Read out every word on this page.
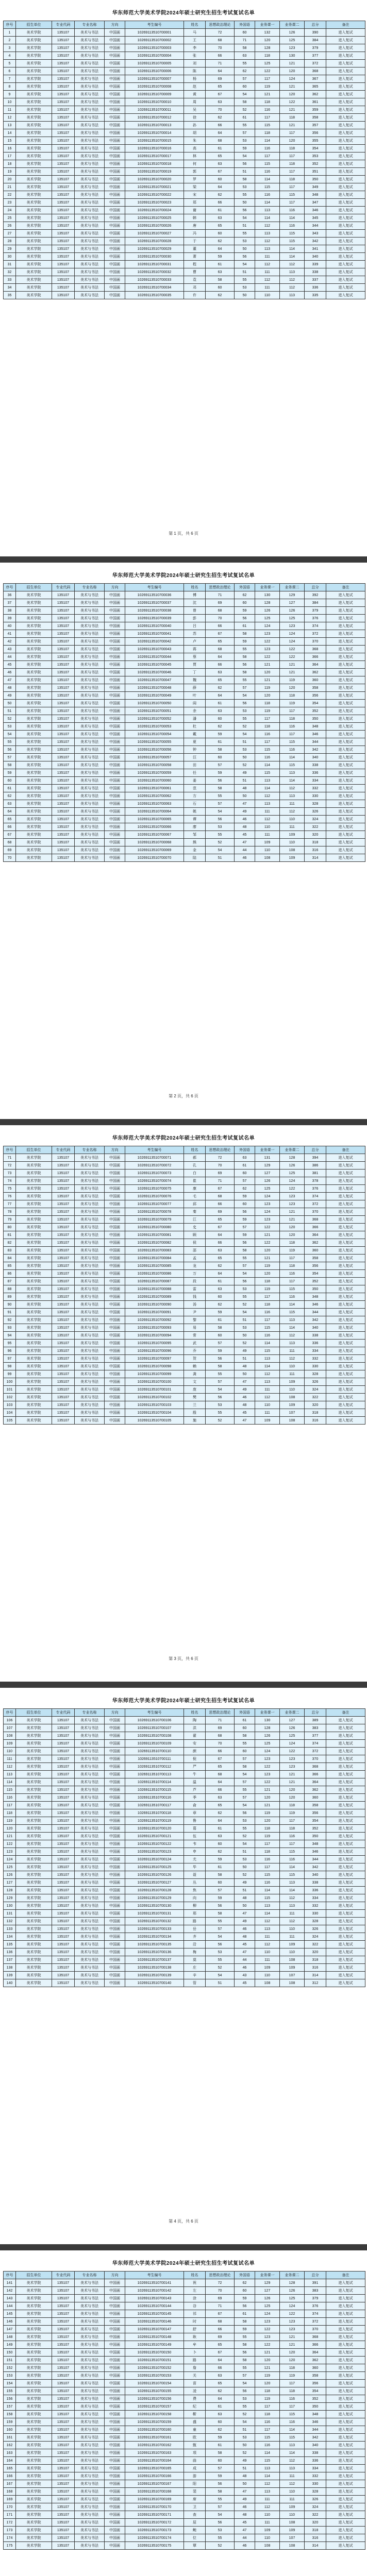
华东师范大学美术学院2024年硕士研究生招生考试复试名单
序号	招生单位	专业代码	专业名称	方向	考生编号	姓名	思想政治理论	外国语	业务课一	业务课二	总分	备注
1	美术学院	135107	美术与书法	中国画	10269113510700001	马	72	60	132	126	390	进入复试
2	美术学院	135107	美术与书法	中国画	10269113510700002	王	68	71	120	125	384	进入复试
3	美术学院	135107	美术与书法	中国画	10269113510700003	李	70	58	128	123	379	进入复试
4	美术学院	135107	美术与书法	中国画	10269113510700004	张	66	63	118	130	377	进入复试
5	美术学院	135107	美术与书法	中国画	10269113510700005	刘	71	55	125	121	372	进入复试
6	美术学院	135107	美术与书法	中国画	10269113510700006	陈	64	62	122	120	368	进入复试
7	美术学院	135107	美术与书法	中国画	10269113510700007	杨	69	57	117	124	367	进入复试
8	美术学院	135107	美术与书法	中国画	10269113510700008	赵	65	60	119	121	365	进入复试
9	美术学院	135107	美术与书法	中国画	10269113510700009	黄	67	54	121	120	362	进入复试
10	美术学院	135107	美术与书法	中国画	10269113510700010	周	63	58	118	122	361	进入复试
11	美术学院	135107	美术与书法	中国画	10269113510700011	吴	70	52	116	121	359	进入复试
12	美术学院	135107	美术与书法	中国画	10269113510700012	徐	62	61	117	118	358	进入复试
13	美术学院	135107	美术与书法	中国画	10269113510700013	孙	66	55	115	121	357	进入复试
14	美术学院	135107	美术与书法	中国画	10269113510700014	胡	64	57	118	117	356	进入复试
15	美术学院	135107	美术与书法	中国画	10269113510700015	朱	68	53	114	120	355	进入复试
16	美术学院	135107	美术与书法	中国画	10269113510700016	高	61	59	116	118	354	进入复试
17	美术学院	135107	美术与书法	中国画	10269113510700017	林	65	54	117	117	353	进入复试
18	美术学院	135107	美术与书法	中国画	10269113510700018	何	63	56	115	118	352	进入复试
19	美术学院	135107	美术与书法	中国画	10269113510700019	郭	67	51	116	117	351	进入复试
20	美术学院	135107	美术与书法	中国画	10269113510700020	罗	60	58	114	118	350	进入复试
21	美术学院	135107	美术与书法	中国画	10269113510700021	梁	64	53	115	117	349	进入复试
22	美术学院	135107	美术与书法	中国画	10269113510700022	宋	62	55	116	115	348	进入复试
23	美术学院	135107	美术与书法	中国画	10269113510700023	郑	66	50	114	117	347	进入复试
24	美术学院	135107	美术与书法	中国画	10269113510700024	谢	61	56	113	116	346	进入复试
25	美术学院	135107	美术与书法	中国画	10269113510700025	韩	63	54	114	114	345	进入复试
26	美术学院	135107	美术与书法	中国画	10269113510700026	唐	65	51	112	116	344	进入复试
27	美术学院	135107	美术与书法	中国画	10269113510700027	冯	60	55	113	115	343	进入复试
28	美术学院	135107	美术与书法	中国画	10269113510700028	于	62	53	112	115	342	进入复试
29	美术学院	135107	美术与书法	中国画	10269113510700029	董	64	50	113	114	341	进入复试
30	美术学院	135107	美术与书法	中国画	10269113510700030	萧	59	56	111	114	340	进入复试
31	美术学院	135107	美术与书法	中国画	10269113510700031	程	61	54	112	112	339	进入复试
32	美术学院	135107	美术与书法	中国画	10269113510700032	曹	63	51	111	113	338	进入复试
33	美术学院	135107	美术与书法	中国画	10269113510700033	袁	58	55	112	112	337	进入复试
34	美术学院	135107	美术与书法	中国画	10269113510700034	邓	60	53	111	112	336	进入复试
35	美术学院	135107	美术与书法	中国画	10269113510700035	许	62	50	110	113	335	进入复试
第 1 页，共 6 页
华东师范大学美术学院2024年硕士研究生招生考试复试名单
序号	招生单位	专业代码	专业名称	方向	考生编号	姓名	思想政治理论	外国语	业务课一	业务课二	总分	备注
36	美术学院	135107	美术与书法	中国画	10269113510700036	傅	71	62	130	129	392	进入复试
37	美术学院	135107	美术与书法	中国画	10269113510700037	沈	69	60	128	127	384	进入复试
38	美术学院	135107	美术与书法	中国画	10269113510700038	曾	68	59	126	126	379	进入复试
39	美术学院	135107	美术与书法	中国画	10269113510700039	彭	70	56	125	125	376	进入复试
40	美术学院	135107	美术与书法	中国画	10269113510700040	吕	66	61	124	123	374	进入复试
41	美术学院	135107	美术与书法	中国画	10269113510700041	苏	67	58	123	124	372	进入复试
42	美术学院	135107	美术与书法	中国画	10269113510700042	卢	65	59	122	124	370	进入复试
43	美术学院	135107	美术与书法	中国画	10269113510700043	蒋	68	55	123	122	368	进入复试
44	美术学院	135107	美术与书法	中国画	10269113510700044	蔡	64	58	122	122	366	进入复试
45	美术学院	135107	美术与书法	中国画	10269113510700045	贾	66	56	121	121	364	进入复试
46	美术学院	135107	美术与书法	中国画	10269113510700046	丁	63	58	120	121	362	进入复试
47	美术学院	135107	美术与书法	中国画	10269113510700047	魏	65	55	121	119	360	进入复试
48	美术学院	135107	美术与书法	中国画	10269113510700048	薛	62	57	119	120	358	进入复试
49	美术学院	135107	美术与书法	中国画	10269113510700049	叶	64	54	120	118	356	进入复试
50	美术学院	135107	美术与书法	中国画	10269113510700050	阎	61	56	118	119	354	进入复试
51	美术学院	135107	美术与书法	中国画	10269113510700051	余	63	53	119	117	352	进入复试
52	美术学院	135107	美术与书法	中国画	10269113510700052	潘	60	55	117	118	350	进入复试
53	美术学院	135107	美术与书法	中国画	10269113510700053	杜	62	52	118	116	348	进入复试
54	美术学院	135107	美术与书法	中国画	10269113510700054	戴	59	54	116	117	346	进入复试
55	美术学院	135107	美术与书法	中国画	10269113510700055	夏	61	51	117	115	344	进入复试
56	美术学院	135107	美术与书法	中国画	10269113510700056	钟	58	53	115	116	342	进入复试
57	美术学院	135107	美术与书法	中国画	10269113510700057	汪	60	50	116	114	340	进入复试
58	美术学院	135107	美术与书法	中国画	10269113510700058	田	57	52	114	115	338	进入复试
59	美术学院	135107	美术与书法	中国画	10269113510700059	任	59	49	115	113	336	进入复试
60	美术学院	135107	美术与书法	中国画	10269113510700060	姜	56	51	113	114	334	进入复试
61	美术学院	135107	美术与书法	中国画	10269113510700061	范	58	48	114	112	332	进入复试
62	美术学院	135107	美术与书法	中国画	10269113510700062	方	55	50	112	113	330	进入复试
63	美术学院	135107	美术与书法	中国画	10269113510700063	石	57	47	113	111	328	进入复试
64	美术学院	135107	美术与书法	中国画	10269113510700064	姚	54	49	111	112	326	进入复试
65	美术学院	135107	美术与书法	中国画	10269113510700065	谭	56	46	112	110	324	进入复试
66	美术学院	135107	美术与书法	中国画	10269113510700066	廖	53	48	110	111	322	进入复试
67	美术学院	135107	美术与书法	中国画	10269113510700067	邹	55	45	111	109	320	进入复试
68	美术学院	135107	美术与书法	中国画	10269113510700068	熊	52	47	109	110	318	进入复试
69	美术学院	135107	美术与书法	中国画	10269113510700069	金	54	44	110	108	316	进入复试
70	美术学院	135107	美术与书法	中国画	10269113510700070	陆	51	46	108	109	314	进入复试
第 2 页，共 6 页
华东师范大学美术学院2024年硕士研究生招生考试复试名单
序号	招生单位	专业代码	专业名称	方向	考生编号	姓名	思想政治理论	外国语	业务课一	业务课二	总分	备注
71	美术学院	135107	美术与书法	中国画	10269113510700071	郝	72	63	131	128	394	进入复试
72	美术学院	135107	美术与书法	中国画	10269113510700072	孔	70	61	129	126	386	进入复试
73	美术学院	135107	美术与书法	中国画	10269113510700073	白	69	60	127	125	381	进入复试
74	美术学院	135107	美术与书法	中国画	10269113510700074	崔	71	57	126	124	378	进入复试
75	美术学院	135107	美术与书法	中国画	10269113510700075	康	67	62	125	122	376	进入复试
76	美术学院	135107	美术与书法	中国画	10269113510700076	毛	68	59	124	123	374	进入复试
77	美术学院	135107	美术与书法	中国画	10269113510700077	邱	66	60	123	123	372	进入复试
78	美术学院	135107	美术与书法	中国画	10269113510700078	秦	69	56	124	121	370	进入复试
79	美术学院	135107	美术与书法	中国画	10269113510700079	江	65	59	123	121	368	进入复试
80	美术学院	135107	美术与书法	中国画	10269113510700080	史	67	57	122	120	366	进入复试
81	美术学院	135107	美术与书法	中国画	10269113510700081	顾	64	59	121	120	364	进入复试
82	美术学院	135107	美术与书法	中国画	10269113510700082	侯	66	56	122	118	362	进入复试
83	美术学院	135107	美术与书法	中国画	10269113510700083	邵	63	58	120	119	360	进入复试
84	美术学院	135107	美术与书法	中国画	10269113510700084	孟	65	55	121	117	358	进入复试
85	美术学院	135107	美术与书法	中国画	10269113510700085	龙	62	57	119	118	356	进入复试
86	美术学院	135107	美术与书法	中国画	10269113510700086	万	64	54	120	116	354	进入复试
87	美术学院	135107	美术与书法	中国画	10269113510700087	段	61	56	118	117	352	进入复试
88	美术学院	135107	美术与书法	中国画	10269113510700088	雷	63	53	119	115	350	进入复试
89	美术学院	135107	美术与书法	中国画	10269113510700089	钱	60	55	117	116	348	进入复试
90	美术学院	135107	美术与书法	中国画	10269113510700090	汤	62	52	118	114	346	进入复试
91	美术学院	135107	美术与书法	中国画	10269113510700091	尹	59	54	116	115	344	进入复试
92	美术学院	135107	美术与书法	中国画	10269113510700092	黎	61	51	117	113	342	进入复试
93	美术学院	135107	美术与书法	中国画	10269113510700093	易	58	53	115	114	340	进入复试
94	美术学院	135107	美术与书法	中国画	10269113510700094	常	60	50	116	112	338	进入复试
95	美术学院	135107	美术与书法	中国画	10269113510700095	武	57	52	114	113	336	进入复试
96	美术学院	135107	美术与书法	中国画	10269113510700096	乔	59	49	115	111	334	进入复试
97	美术学院	135107	美术与书法	中国画	10269113510700097	贺	56	51	113	112	332	进入复试
98	美术学院	135107	美术与书法	中国画	10269113510700098	赖	58	48	114	110	330	进入复试
99	美术学院	135107	美术与书法	中国画	10269113510700099	龚	55	50	112	111	328	进入复试
100	美术学院	135107	美术与书法	中国画	10269113510700100	文	57	47	113	109	326	进入复试
101	美术学院	135107	美术与书法	中国画	10269113510700101	庞	54	49	111	110	324	进入复试
102	美术学院	135107	美术与书法	中国画	10269113510700102	樊	56	46	112	108	322	进入复试
103	美术学院	135107	美术与书法	中国画	10269113510700103	兰	53	48	110	109	320	进入复试
104	美术学院	135107	美术与书法	中国画	10269113510700104	殷	55	45	111	107	318	进入复试
105	美术学院	135107	美术与书法	中国画	10269113510700105	施	52	47	109	108	316	进入复试
第 3 页，共 6 页
华东师范大学美术学院2024年硕士研究生招生考试复试名单
序号	招生单位	专业代码	专业名称	方向	考生编号	姓名	思想政治理论	外国语	业务课一	业务课二	总分	备注
106	美术学院	135107	美术与书法	中国画	10269113510700106	陶	71	61	130	127	389	进入复试
107	美术学院	135107	美术与书法	中国画	10269113510700107	洪	69	60	128	126	383	进入复试
108	美术学院	135107	美术与书法	中国画	10269113510700108	翟	68	58	126	125	377	进入复试
109	美术学院	135107	美术与书法	中国画	10269113510700109	安	70	55	125	124	374	进入复试
110	美术学院	135107	美术与书法	中国画	10269113510700110	颜	66	60	124	122	372	进入复试
111	美术学院	135107	美术与书法	中国画	10269113510700111	倪	67	57	123	123	370	进入复试
112	美术学院	135107	美术与书法	中国画	10269113510700112	严	65	58	122	123	368	进入复试
113	美术学院	135107	美术与书法	中国画	10269113510700113	牛	68	54	123	121	366	进入复试
114	美术学院	135107	美术与书法	中国画	10269113510700114	温	64	57	122	121	364	进入复试
115	美术学院	135107	美术与书法	中国画	10269113510700115	芦	66	55	121	120	362	进入复试
116	美术学院	135107	美术与书法	中国画	10269113510700116	季	63	57	120	120	360	进入复试
117	美术学院	135107	美术与书法	中国画	10269113510700117	俞	65	54	121	118	358	进入复试
118	美术学院	135107	美术与书法	中国画	10269113510700118	章	62	56	119	119	356	进入复试
119	美术学院	135107	美术与书法	中国画	10269113510700119	鲁	64	53	120	117	354	进入复试
120	美术学院	135107	美术与书法	中国画	10269113510700120	葛	61	55	118	118	352	进入复试
121	美术学院	135107	美术与书法	中国画	10269113510700121	伍	63	52	119	116	350	进入复试
122	美术学院	135107	美术与书法	中国画	10269113510700122	韦	60	54	117	117	348	进入复试
123	美术学院	135107	美术与书法	中国画	10269113510700123	申	62	51	118	115	346	进入复试
124	美术学院	135107	美术与书法	中国画	10269113510700124	尤	59	53	116	116	344	进入复试
125	美术学院	135107	美术与书法	中国画	10269113510700125	毕	61	50	117	114	342	进入复试
126	美术学院	135107	美术与书法	中国画	10269113510700126	聂	58	52	115	115	340	进入复试
127	美术学院	135107	美术与书法	中国画	10269113510700127	丛	60	49	116	113	338	进入复试
128	美术学院	135107	美术与书法	中国画	10269113510700128	焦	57	51	114	114	336	进入复试
129	美术学院	135107	美术与书法	中国画	10269113510700129	向	59	48	115	112	334	进入复试
130	美术学院	135107	美术与书法	中国画	10269113510700130	柳	56	50	113	113	332	进入复试
131	美术学院	135107	美术与书法	中国画	10269113510700131	邢	58	47	114	111	330	进入复试
132	美术学院	135107	美术与书法	中国画	10269113510700132	路	55	49	112	112	328	进入复试
133	美术学院	135107	美术与书法	中国画	10269113510700133	岳	57	46	113	110	326	进入复试
134	美术学院	135107	美术与书法	中国画	10269113510700134	齐	54	48	111	111	324	进入复试
135	美术学院	135107	美术与书法	中国画	10269113510700135	沿	56	45	112	109	322	进入复试
136	美术学院	135107	美术与书法	中国画	10269113510700136	梅	53	47	110	110	320	进入复试
137	美术学院	135107	美术与书法	中国画	10269113510700137	莫	55	44	111	108	318	进入复试
138	美术学院	135107	美术与书法	中国画	10269113510700138	庄	52	46	109	109	316	进入复试
139	美术学院	135107	美术与书法	中国画	10269113510700139	辛	54	43	110	107	314	进入复试
140	美术学院	135107	美术与书法	中国画	10269113510700140	管	51	45	108	108	312	进入复试
第 4 页，共 6 页
华东师范大学美术学院2024年硕士研究生招生考试复试名单
序号	招生单位	专业代码	专业名称	方向	考生编号	姓名	思想政治理论	外国语	业务课一	业务课二	总分	备注
141	美术学院	135107	美术与书法	中国画	10269113510700141	祝	72	62	129	128	391	进入复试
142	美术学院	135107	美术与书法	中国画	10269113510700142	左	70	60	127	126	383	进入复试
143	美术学院	135107	美术与书法	中国画	10269113510700143	涂	69	59	126	125	379	进入复试
144	美术学院	135107	美术与书法	中国画	10269113510700144	谷	71	56	125	124	376	进入复试
145	美术学院	135107	美术与书法	中国画	10269113510700145	祁	67	61	124	122	374	进入复试
146	美术学院	135107	美术与书法	中国画	10269113510700146	时	68	58	123	123	372	进入复试
147	美术学院	135107	美术与书法	中国画	10269113510700147	舒	66	59	122	123	370	进入复试
148	美术学院	135107	美术与书法	中国画	10269113510700148	耿	69	55	123	121	368	进入复试
149	美术学院	135107	美术与书法	中国画	10269113510700149	牟	65	58	122	121	366	进入复试
150	美术学院	135107	美术与书法	中国画	10269113510700150	卜	67	56	121	120	364	进入复试
151	美术学院	135107	美术与书法	中国画	10269113510700151	路	64	58	120	120	362	进入复试
152	美术学院	135107	美术与书法	中国画	10269113510700152	詹	66	55	121	118	360	进入复试
153	美术学院	135107	美术与书法	中国画	10269113510700153	关	63	57	119	119	358	进入复试
154	美术学院	135107	美术与书法	中国画	10269113510700154	苗	65	54	120	117	356	进入复试
155	美术学院	135107	美术与书法	中国画	10269113510700155	凌	62	56	118	118	354	进入复试
156	美术学院	135107	美术与书法	中国画	10269113510700156	费	64	53	119	116	352	进入复试
157	美术学院	135107	美术与书法	中国画	10269113510700157	纪	61	55	117	117	350	进入复试
158	美术学院	135107	美术与书法	中国画	10269113510700158	靳	63	52	118	115	348	进入复试
159	美术学院	135107	美术与书法	中国画	10269113510700159	盛	60	54	116	116	346	进入复试
160	美术学院	135107	美术与书法	中国画	10269113510700160	童	62	51	117	114	344	进入复试
161	美术学院	135107	美术与书法	中国画	10269113510700161	欧	59	53	115	115	342	进入复试
162	美术学院	135107	美术与书法	中国画	10269113510700162	甄	61	50	116	113	340	进入复试
163	美术学院	135107	美术与书法	中国画	10269113510700163	项	58	52	114	114	338	进入复试
164	美术学院	135107	美术与书法	中国画	10269113510700164	曲	60	49	115	112	336	进入复试
165	美术学院	135107	美术与书法	中国画	10269113510700165	成	57	51	113	113	334	进入复试
166	美术学院	135107	美术与书法	中国画	10269113510700166	游	59	48	114	111	332	进入复试
167	美术学院	135107	美术与书法	中国画	10269113510700167	阳	56	50	112	112	330	进入复试
168	美术学院	135107	美术与书法	中国画	10269113510700168	裴	58	47	113	110	328	进入复试
169	美术学院	135107	美术与书法	中国画	10269113510700169	席	55	49	111	111	326	进入复试
170	美术学院	135107	美术与书法	中国画	10269113510700170	卫	57	46	112	109	324	进入复试
171	美术学院	135107	美术与书法	中国画	10269113510700171	查	54	48	110	110	322	进入复试
172	美术学院	135107	美术与书法	中国画	10269113510700172	屈	56	45	111	108	320	进入复试
173	美术学院	135107	美术与书法	中国画	10269113510700173	鲍	53	47	109	109	318	进入复试
174	美术学院	135107	美术与书法	中国画	10269113510700174	位	55	44	110	107	316	进入复试
175	美术学院	135107	美术与书法	中国画	10269113510700175	覃	52	46	108	108	314	进入复试
